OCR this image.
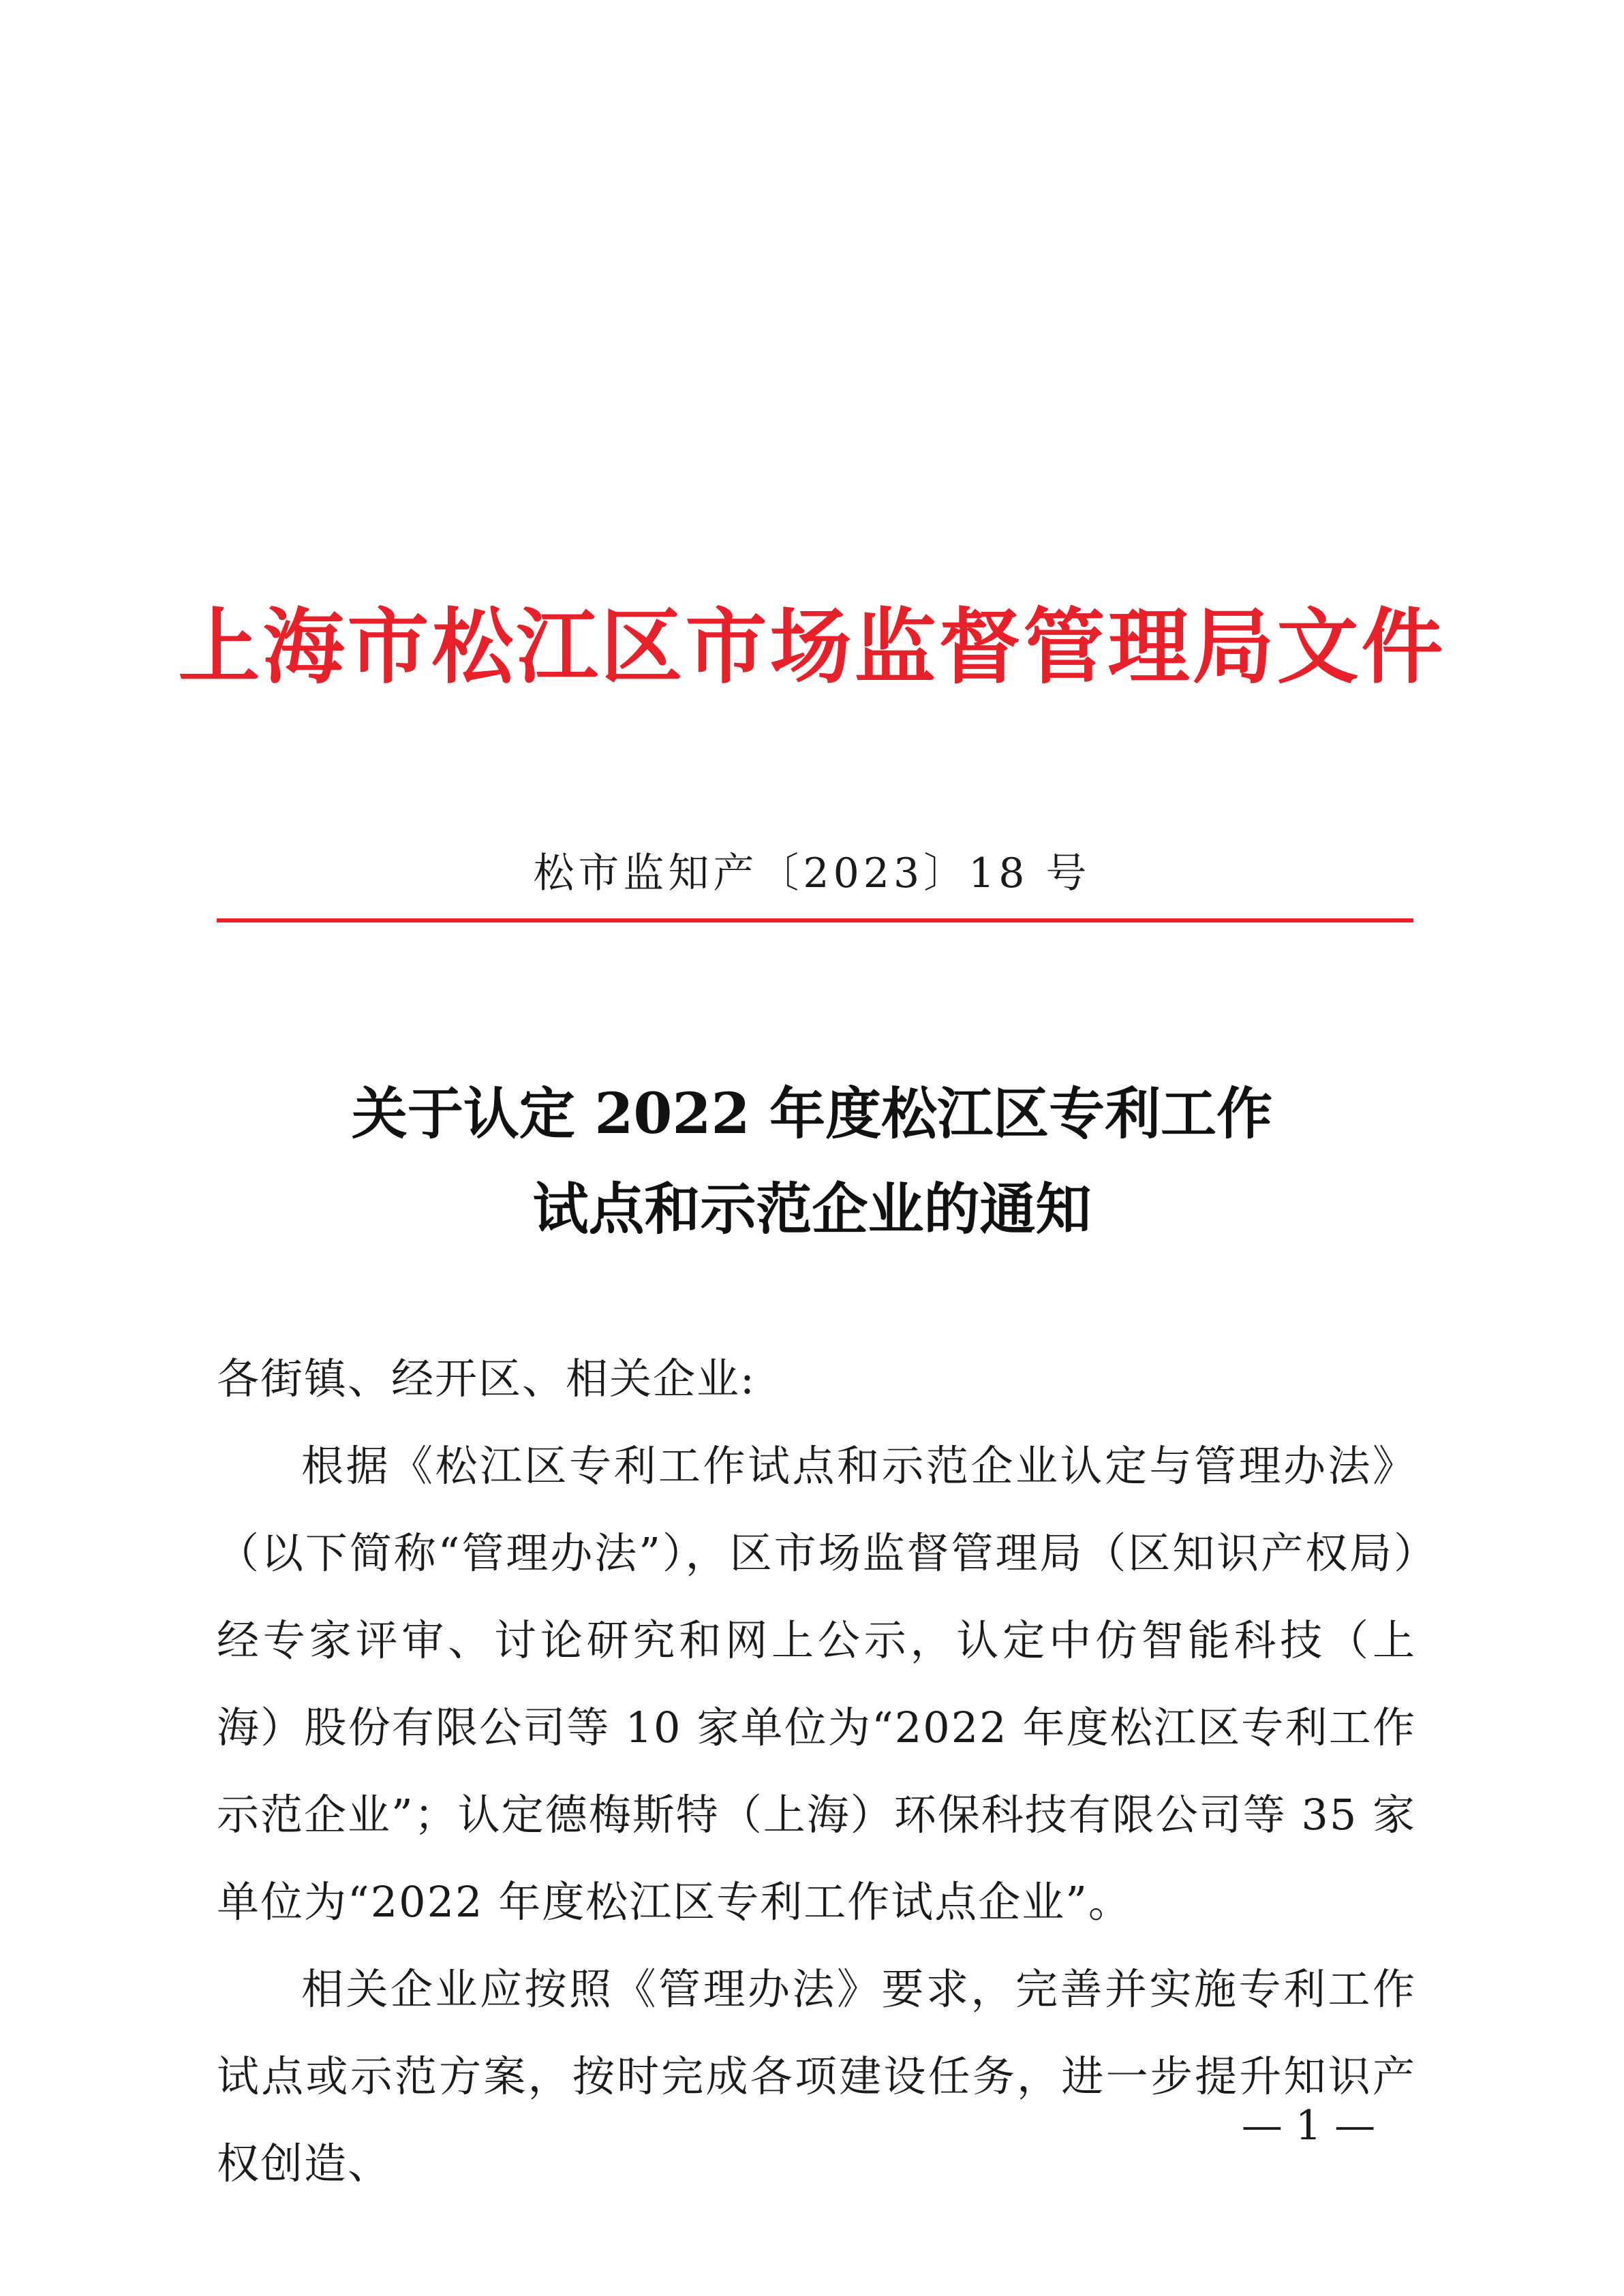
上海市松江区市场监督管理局文件
松市监知产〔2023〕18 号
关于认定 2022 年度松江区专利工作
试点和示范企业的通知

各街镇、经开区、相关企业:

根据《松江区专利工作试点和示范企业认定与管理办法》（以下简称“管理办法”），区市场监督管理局（区知识产权局）经专家评审、讨论研究和网上公示，认定中仿智能科技（上海）股份有限公司等 10 家单位为“2022 年度松江区专利工作示范企业”；认定德梅斯特（上海）环保科技有限公司等 35 家单位为“2022 年度松江区专利工作试点企业”。

相关企业应按照《管理办法》要求，完善并实施专利工作试点或示范方案，按时完成各项建设任务，进一步提升知识产权创造、

— 1 —
